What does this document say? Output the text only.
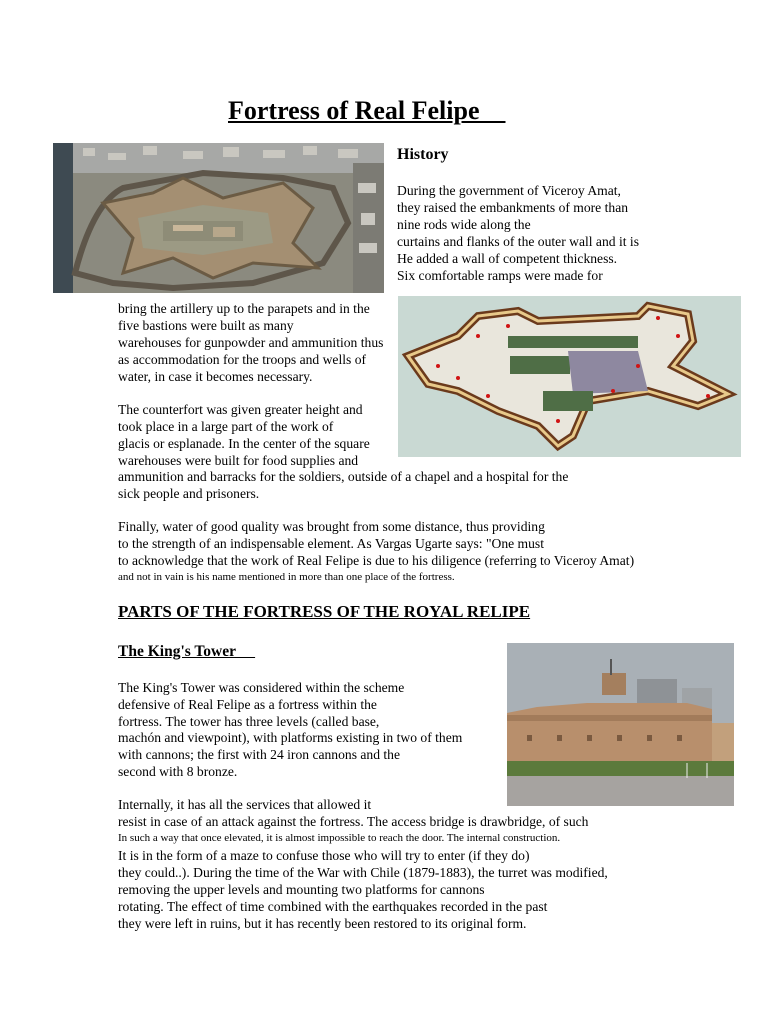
Fortress of Real Felipe
History
During the government of Viceroy Amat,
they raised the embankments of more than
nine rods wide along the
curtains and flanks of the outer wall and it is
He added a wall of competent thickness.
Six comfortable ramps were made for
bring the artillery up to the parapets and in the
five bastions were built as many
warehouses for gunpowder and ammunition thus
as accommodation for the troops and wells of
water, in case it becomes necessary.
The counterfort was given greater height and
took place in a large part of the work of
glacis or esplanade. In the center of the square
warehouses were built for food supplies and
ammunition and barracks for the soldiers, outside of a chapel and a hospital for the
sick people and prisoners.
Finally, water of good quality was brought from some distance, thus providing
to the strength of an indispensable element. As Vargas Ugarte says: "One must
to acknowledge that the work of Real Felipe is due to his diligence (referring to Viceroy Amat)
and not in vain is his name mentioned in more than one place of the fortress.
PARTS OF THE FORTRESS OF THE ROYAL RELIPE
The King's Tower
The King's Tower was considered within the scheme
defensive of Real Felipe as a fortress within the
fortress. The tower has three levels (called base,
machón and viewpoint), with platforms existing in two of them
with cannons; the first with 24 iron cannons and the
second with 8 bronze.
Internally, it has all the services that allowed it
resist in case of an attack against the fortress. The access bridge is drawbridge, of such
In such a way that once elevated, it is almost impossible to reach the door. The internal construction.
It is in the form of a maze to confuse those who will try to enter (if they do)
they could..). During the time of the War with Chile (1879-1883), the turret was modified,
removing the upper levels and mounting two platforms for cannons
rotating. The effect of time combined with the earthquakes recorded in the past
they were left in ruins, but it has recently been restored to its original form.
